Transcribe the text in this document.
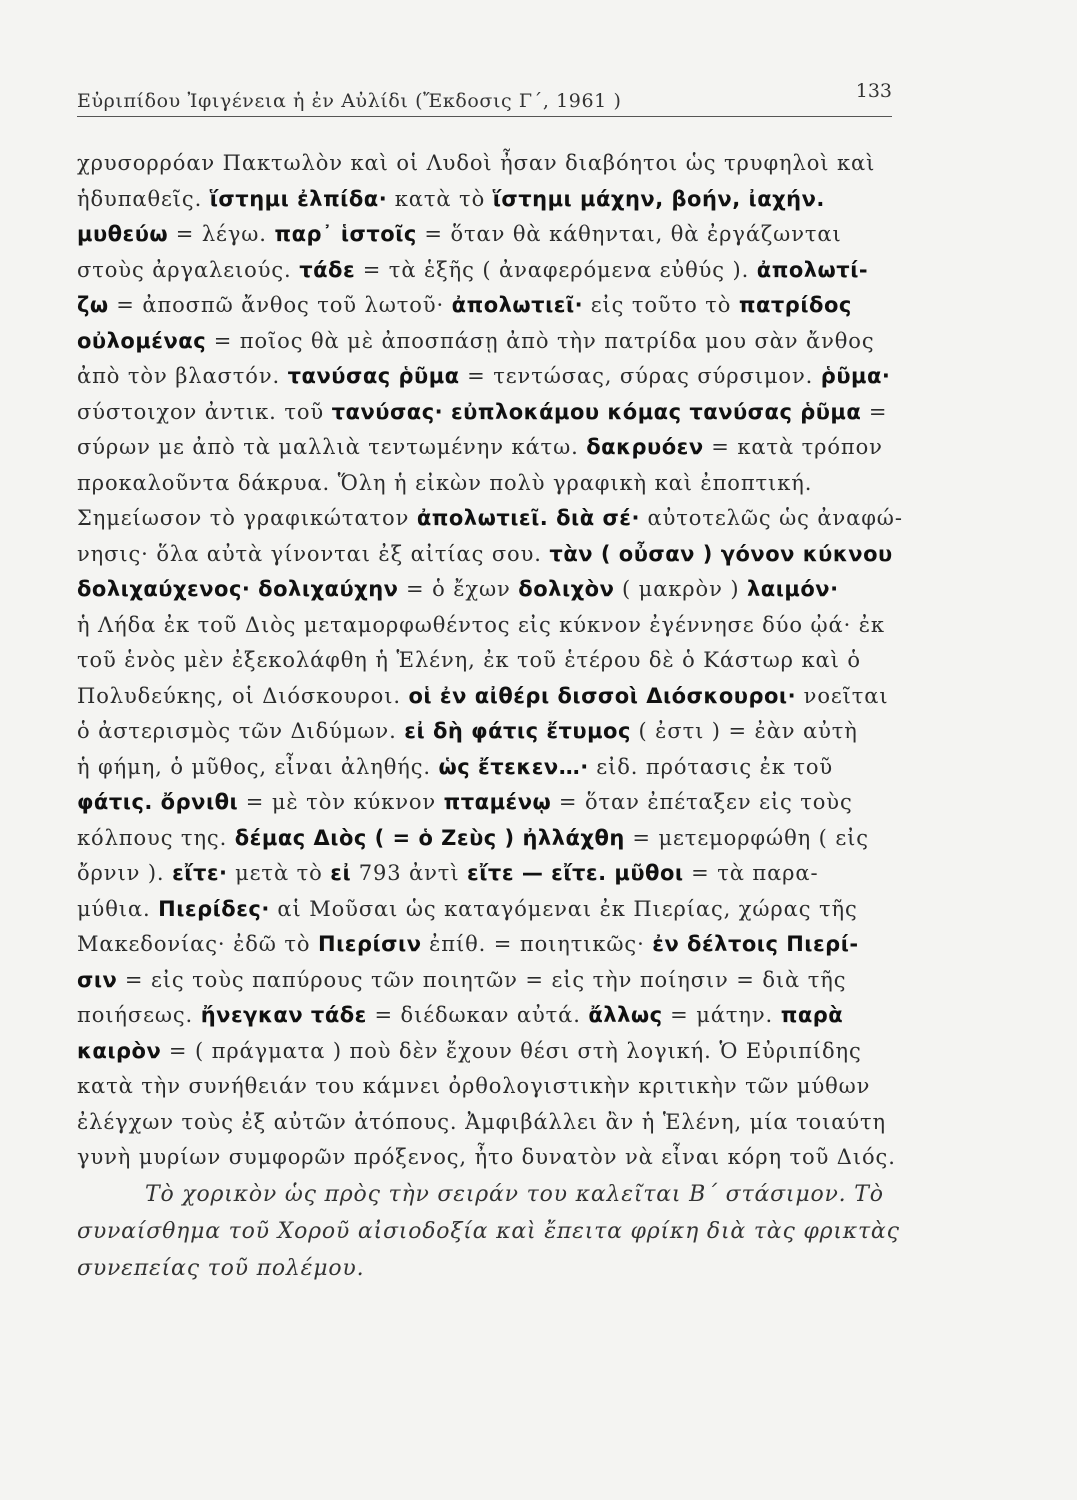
Εὐριπίδου Ἰφιγένεια ἡ ἐν Αὐλίδι (Ἔκδοσις Γ΄, 1961 )	133
χρυσορρόαν Πακτωλὸν καὶ οἱ Λυδοὶ ἦσαν διαβόητοι ὡς τρυφηλοὶ καὶ
ἡδυπαθεῖς. ἵστημι ἐλπίδα· κατὰ τὸ ἵστημι μάχην, βοήν, ἰαχήν.
μυθεύω = λέγω. παρ᾽ ἱστοῖς = ὅταν θὰ κάθηνται, θὰ ἐργάζωνται
στοὺς ἀργαλειούς. τάδε = τὰ ἑξῆς ( ἀναφερόμενα εὐθύς ). ἀπολωτί-
ζω = ἀποσπῶ ἄνθος τοῦ λωτοῦ· ἀπολωτιεῖ· εἰς τοῦτο τὸ πατρίδος
οὐλομένας = ποῖος θὰ μὲ ἀποσπάσῃ ἀπὸ τὴν πατρίδα μου σὰν ἄνθος
ἀπὸ τὸν βλαστόν. τανύσας ῥῦμα = τεντώσας, σύρας σύρσιμον. ῥῦμα·
σύστοιχον ἀντικ. τοῦ τανύσας· εὐπλοκάμου κόμας τανύσας ῥῦμα =
σύρων με ἀπὸ τὰ μαλλιὰ τεντωμένην κάτω. δακρυόεν = κατὰ τρόπον
προκαλοῦντα δάκρυα. Ὅλη ἡ εἰκὼν πολὺ γραφικὴ καὶ ἐποπτική.
Σημείωσον τὸ γραφικώτατον ἀπολωτιεῖ. διὰ σέ· αὐτοτελῶς ὡς ἀναφώ-
νησις· ὅλα αὐτὰ γίνονται ἐξ αἰτίας σου. τὰν ( οὖσαν ) γόνον κύκνου
δολιχαύχενος· δολιχαύχην = ὁ ἔχων δολιχὸν ( μακρὸν ) λαιμόν·
ἡ Λήδα ἐκ τοῦ Διὸς μεταμορφωθέντος εἰς κύκνον ἐγέννησε δύο ᾠά· ἐκ
τοῦ ἑνὸς μὲν ἐξεκολάφθη ἡ Ἑλένη, ἐκ τοῦ ἑτέρου δὲ ὁ Κάστωρ καὶ ὁ
Πολυδεύκης, οἱ Διόσκουροι. οἱ ἐν αἰθέρι δισσοὶ Διόσκουροι· νοεῖται
ὁ ἀστερισμὸς τῶν Διδύμων. εἰ δὴ φάτις ἔτυμος ( ἐστι ) = ἐὰν αὐτὴ
ἡ φήμη, ὁ μῦθος, εἶναι ἀληθής. ὡς ἔτεκεν…· εἰδ. πρότασις ἐκ τοῦ
φάτις. ὄρνιθι = μὲ τὸν κύκνον πταμένῳ = ὅταν ἐπέταξεν εἰς τοὺς
κόλπους της. δέμας Διὸς ( = ὁ Ζεὺς ) ἠλλάχθη = μετεμορφώθη ( εἰς
ὄρνιν ). εἴτε· μετὰ τὸ εἰ 793 ἀντὶ εἴτε — εἴτε. μῦθοι = τὰ παρα-
μύθια. Πιερίδες· αἱ Μοῦσαι ὡς καταγόμεναι ἐκ Πιερίας, χώρας τῆς
Μακεδονίας· ἐδῶ τὸ Πιερίσιν ἐπίθ. = ποιητικῶς· ἐν δέλτοις Πιερί-
σιν = εἰς τοὺς παπύρους τῶν ποιητῶν = εἰς τὴν ποίησιν = διὰ τῆς
ποιήσεως. ἤνεγκαν τάδε = διέδωκαν αὐτά. ἄλλως = μάτην. παρὰ
καιρὸν = ( πράγματα ) ποὺ δὲν ἔχουν θέσι στὴ λογική. Ὁ Εὐριπίδης
κατὰ τὴν συνήθειάν του κάμνει ὀρθολογιστικὴν κριτικὴν τῶν μύθων
ἐλέγχων τοὺς ἐξ αὐτῶν ἀτόπους. Ἀμφιβάλλει ἂν ἡ Ἑλένη, μία τοιαύτη
γυνὴ μυρίων συμφορῶν πρόξενος, ἦτο δυνατὸν νὰ εἶναι κόρη τοῦ Διός.
Τὸ χορικὸν ὡς πρὸς τὴν σειράν του καλεῖται Β΄ στάσιμον. Τὸ
συναίσθημα τοῦ Χοροῦ αἰσιοδοξία καὶ ἔπειτα φρίκη διὰ τὰς φρικτὰς
συνεπείας τοῦ πολέμου.
